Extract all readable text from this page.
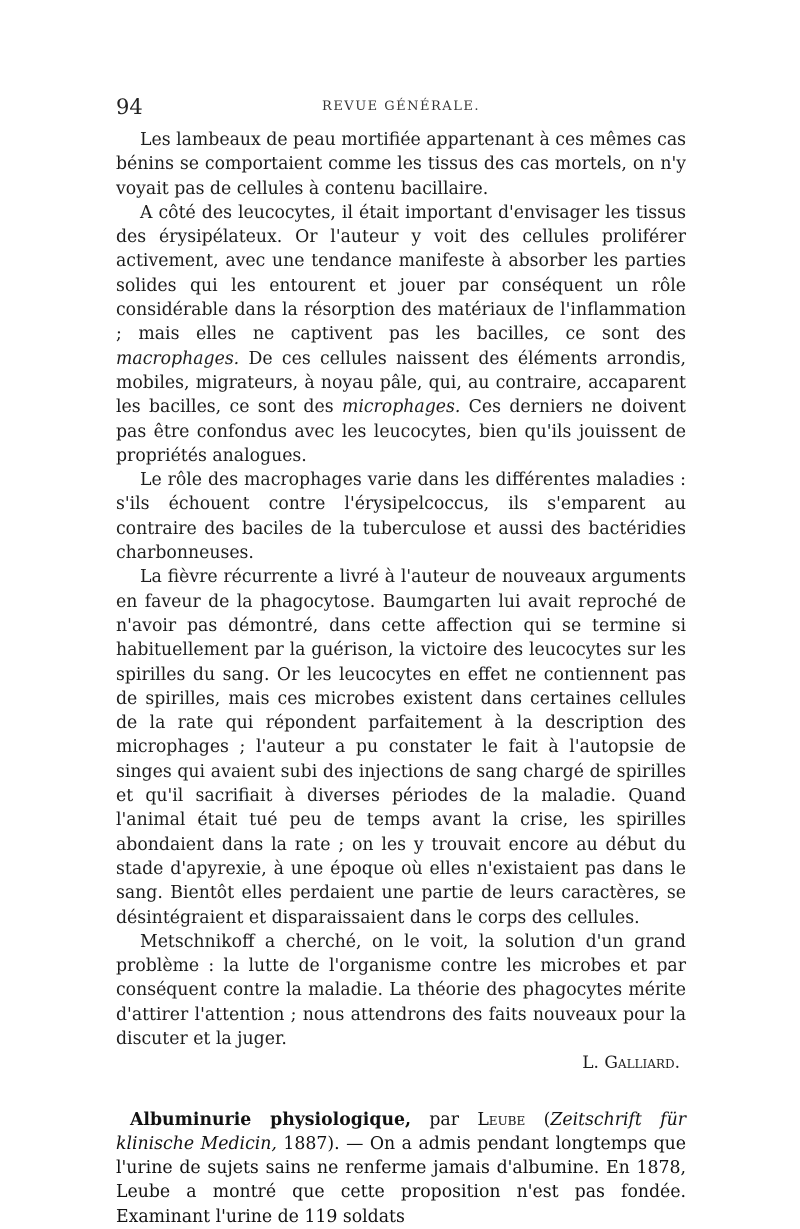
94	REVUE GÉNÉRALE.

Les lambeaux de peau mortifiée appartenant à ces mêmes cas bénins se comportaient comme les tissus des cas mortels, on n'y voyait pas de cellules à contenu bacillaire.

A côté des leucocytes, il était important d'envisager les tissus des érysipélateux. Or l'auteur y voit des cellules proliférer activement, avec une tendance manifeste à absorber les parties solides qui les entourent et jouer par conséquent un rôle considérable dans la résorption des matériaux de l'inflammation ; mais elles ne captivent pas les bacilles, ce sont des macrophages. De ces cellules naissent des éléments arrondis, mobiles, migrateurs, à noyau pâle, qui, au contraire, accaparent les bacilles, ce sont des microphages. Ces derniers ne doivent pas être confondus avec les leucocytes, bien qu'ils jouissent de propriétés analogues.

Le rôle des macrophages varie dans les différentes maladies : s'ils échouent contre l'érysipelcoccus, ils s'emparent au contraire des baciles de la tuberculose et aussi des bactéridies charbonneuses.

La fièvre récurrente a livré à l'auteur de nouveaux arguments en faveur de la phagocytose. Baumgarten lui avait reproché de n'avoir pas démontré, dans cette affection qui se termine si habituellement par la guérison, la victoire des leucocytes sur les spirilles du sang. Or les leucocytes en effet ne contiennent pas de spirilles, mais ces microbes existent dans certaines cellules de la rate qui répondent parfaitement à la description des microphages ; l'auteur a pu constater le fait à l'autopsie de singes qui avaient subi des injections de sang chargé de spirilles et qu'il sacrifiait à diverses périodes de la maladie. Quand l'animal était tué peu de temps avant la crise, les spirilles abondaient dans la rate ; on les y trouvait encore au début du stade d'apyrexie, à une époque où elles n'existaient pas dans le sang. Bientôt elles perdaient une partie de leurs caractères, se désintégraient et disparaissaient dans le corps des cellules.

Metschnikoff a cherché, on le voit, la solution d'un grand problème : la lutte de l'organisme contre les microbes et par conséquent contre la maladie. La théorie des phagocytes mérite d'attirer l'attention ; nous attendrons des faits nouveaux pour la discuter et la juger.

L. Galliard.

Albuminurie physiologique, par Leube (Zeitschrift für klinische Medicin, 1887). — On a admis pendant longtemps que l'urine de sujets sains ne renferme jamais d'albumine. En 1878, Leube a montré que cette proposition n'est pas fondée. Examinant l'urine de 119 soldats
